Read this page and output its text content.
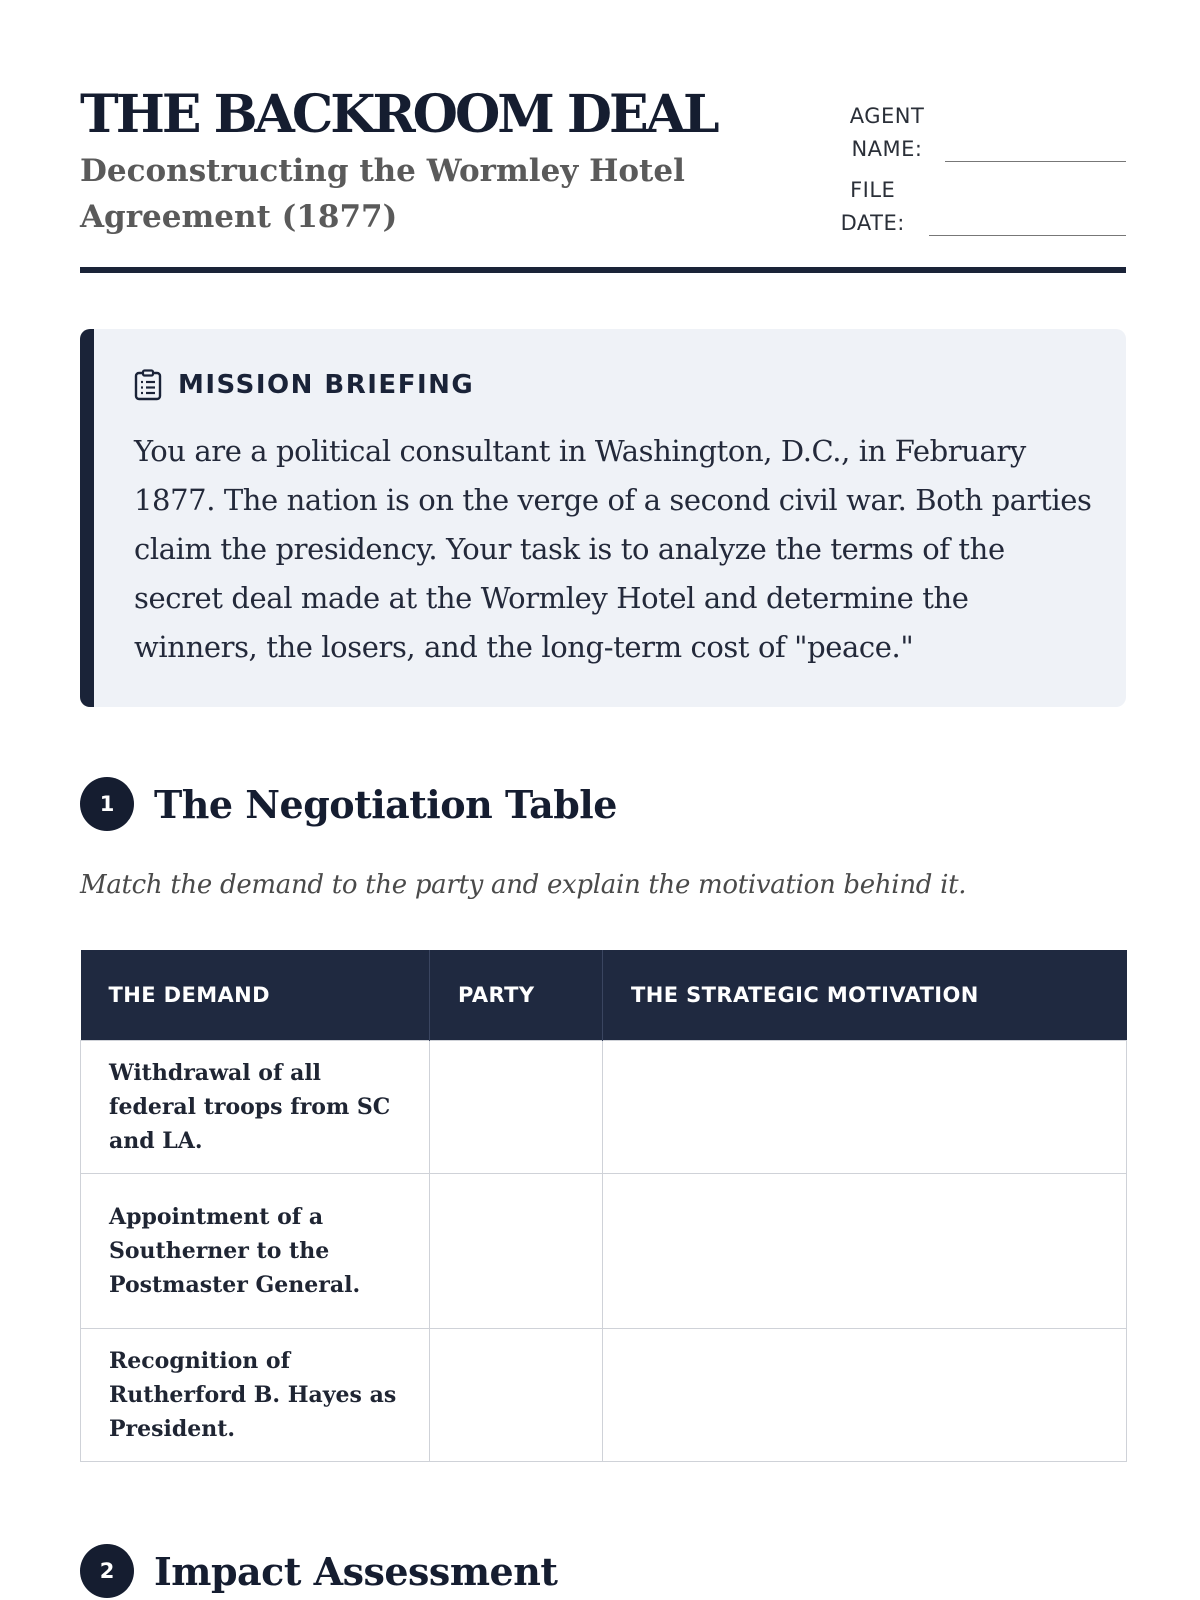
THE BACKROOM DEAL

Deconstructing the Wormley Hotel Agreement (1877)

AGENT
NAME:
FILE
DATE:
MISSION BRIEFING

You are a political consultant in Washington, D.C., in February 1877. The nation is on the verge of a second civil war. Both parties claim the presidency. Your task is to analyze the terms of the secret deal made at the Wormley Hotel and determine the winners, the losers, and the long-term cost of "peace."

1	The Negotiation Table

Match the demand to the party and explain the motivation behind it.

THE DEMAND	PARTY	THE STRATEGIC MOTIVATION
Withdrawal of all federal troops from SC and LA.		
Appointment of a Southerner to the Postmaster General.		
Recognition of Rutherford B. Hayes as President.		
2	Impact Assessment
